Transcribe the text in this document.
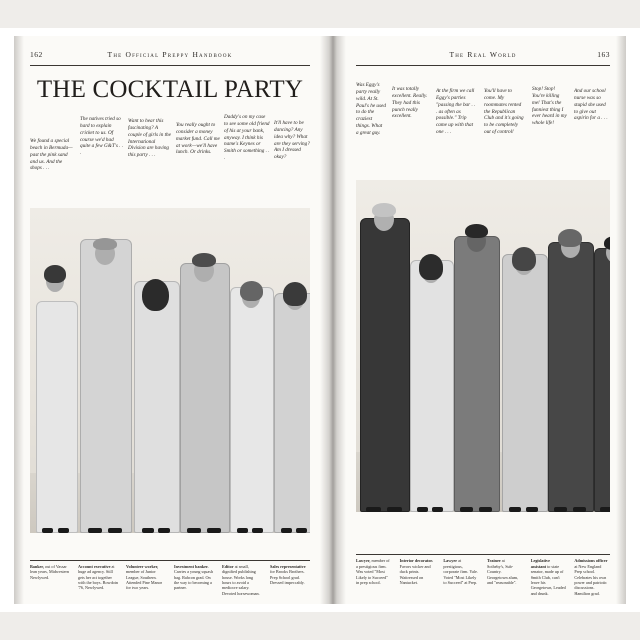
162	The Official Preppy Handbook
THE COCKTAIL PARTY
We found a special beach in Bermuda—past the pink sand and us. And the shops . . .
The natives tried so hard to explain cricket to us. Of course we'd had quite a few G&T's . . .
Want to hear this fascinating? A couple of girls in the International Division are having this party . . .
You really ought to consider a money market fund. Call me at work—we'll have lunch. Or drinks.
Daddy's on my case to see some old friend of his at your bank, anyway. I think his name's Keynes or Smith or something . . .
It'll have to be dancing? Any idea why? What are they serving? Am I dressed okay?
Banker, out of Vassar lean years, Midwestern Newlywed.
Account executive at huge ad agency. Still gets her act together with the boys. Bowdoin '76, Newlywed.
Volunteer worker, member of Junior League, Southern. Attended Pine Manor for two years.
Investment banker. Carries a young squash bag. Rahcon grad. On the way to becoming a partner.
Editor at small, dignified publishing house. Works long hours to avoid a mediocre salary. Devoted horsewoman.
Sales representative for Brooks Brothers. Prep School grad. Dressed impeccably.
The Real World	163
Was Eggy's party really wild. At St. Paul's he used to do the craziest things. What a great guy.
It was totally excellent. Really. They had this punch really excellent.
At the firm we call Eggy's parties "passing the bar . . . as often as possible." Trip came up with that one . . .
You'll have to come. My roommates rented the Republican Club and it's going to be completely out of control!
Stop! Stop! You're killing me! That's the funniest thing I ever heard in my whole life!
And our school nurse was so stupid she used to give out aspirin for a . . .
Lawyer, member of a prestigious firm. Was voted "Most Likely to Succeed" in prep school.
Interior decorator. Favors wicker and duck prints. Waitressed on Nantucket.
Lawyer at prestigious, corporate firm. Yale. Voted "Most Likely to Succeed" at Prep.
Trainee at Sotheby's, Sub-Country. Georgetown alum, and "reasonable".
Legislative assistant to state senator, made up of Smith Club, can't leave his Georgetown, Leaded and drunk.
Admissions officer at New England Prep school. Celebrates his own power and patriotic discussions. Hamilton grad.
